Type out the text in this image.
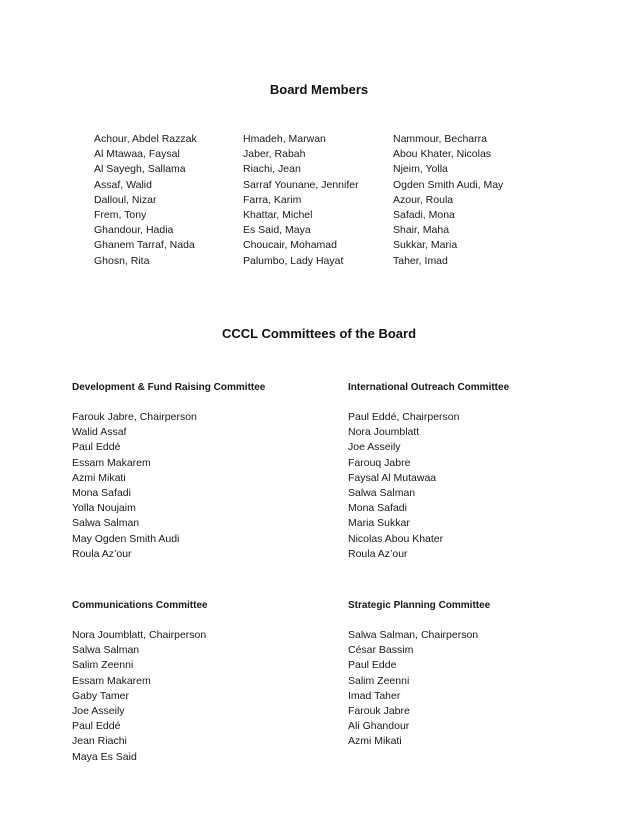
Board Members
Achour, Abdel Razzak
Al Mtawaa, Faysal
Al Sayegh, Sallama
Assaf, Walid
Dalloul, Nizar
Frem, Tony
Ghandour, Hadia
Ghanem Tarraf, Nada
Ghosn, Rita
Hmadeh, Marwan
Jaber, Rabah
Riachi, Jean
Sarraf Younane, Jennifer
Farra, Karim
Khattar, Michel
Es Said, Maya
Choucair, Mohamad
Palumbo, Lady Hayat
Nammour, Becharra
Abou Khater, Nicolas
Njeim, Yolla
Ogden Smith Audi, May
Azour, Roula
Safadi, Mona
Shair, Maha
Sukkar, Maria
Taher, Imad
CCCL Committees of the Board
Development & Fund Raising Committee
Farouk Jabre, Chairperson
Walid Assaf
Paul Eddé
Essam Makarem
Azmi Mikati
Mona Safadi
Yolla Noujaim
Salwa Salman
May Ogden Smith Audi
Roula Az’our
International Outreach Committee
Paul Eddé, Chairperson
Nora Joumblatt
Joe Asseily
Farouq Jabre
Faysal Al Mutawaa
Salwa Salman
Mona Safadi
Maria Sukkar
Nicolas Abou Khater
Roula Az’our
Communications Committee
Nora Joumblatt, Chairperson
Salwa Salman
Salim Zeenni
Essam Makarem
Gaby Tamer
Joe Asseily
Paul Eddé
Jean Riachi
Maya Es Said
Strategic Planning Committee
Salwa Salman, Chairperson
César Bassim
Paul Edde
Salim Zeenni
Imad Taher
Farouk Jabre
Ali Ghandour
Azmi Mikati
